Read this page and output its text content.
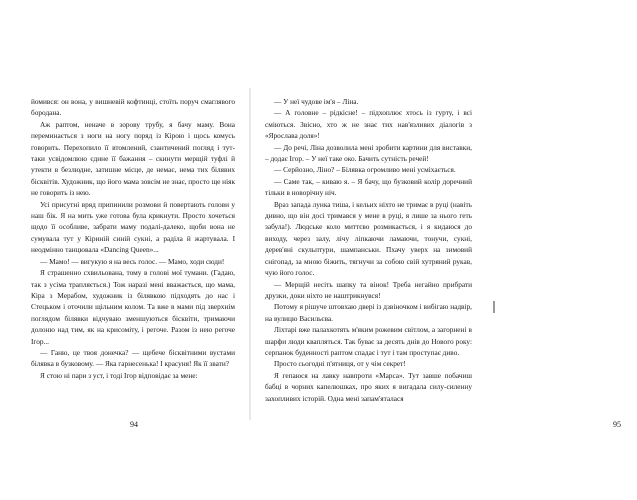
йомився: он вона, у вишневій кофтинці, стоїть поруч смаглявого бородана.

Аж раптом, неначе в зорову трубу, я бачу маму. Вона переминається з ноги на ногу поряд із Кірою і щось комусь говорить. Перехопило її втомлений, сзантичений погляд і тут-таки усвідомлюю єдине її бажання – скинути мерщій туфлі й утекти в безлюдне, затишне місце, де немає, нема тих білявих бісквітів. Художник, що його мама зовсім не знає, просто ще ніяк не говорить із нею.

Усі присутні вряд припинили розмови й повертають голови у наш бік. Я на мить уже готова була крикнути. Просто хочеться щодо її особливе, забрати маму подалі-далеко, щоби вона не сумувала тут у Кіриній синій сукні, а раділа й жартувала. І неодмінно танцювала «Dancing Queen»...

— Мамо! — вигукую я на весь голос. — Мамо, ходи сюди!

Я страшенно схвильована, тому в голові мої тумани. (Гадаю, так з усіма трапляється.) Тож наразі мені вважається, що мама, Кіра з Мерабом, художник із білявкою підходять до нас і Стецьком і оточили щільним колом. Та вже в мами під зверхнім поглядом білявки відчуваю зменшуються бісквіти, тримаючи долоню над тим, як на крисоміту, і регоче. Разом із нею регоче Ігор...

— Ганю, це твоя донечка? — щебече бісквітними вустами білявка в бузковому. — Яка гарнесенька! І красуня! Як її звати?

Я стою ні пари з уст, і тоді Ігор відповідає за мене:

94	95

— У неї чудове ім'я – Ліна.

— А головне – рідкісне! – підхоплює хтось із гурту, і всі сміються. Звісно, хто ж не знає тих нав'язливих діалогів з «Ярослава доля»!

— До речі, Ліна дозволила мені зробити картини для виставки, – додає Ігор. – У неї таке око. Бачить сутність речей!

— Серйозно, Ліно? – Білявка огромливо мені усміхається.

— Саме так, – киваю я. – Я бачу, що бузковий колір доречний тільки в новорічну ніч.

Враз запада лунка тиша, і кельих ніхто не тримає в руці (навіть дивно, що він досі тримався у мене в руці, я лише за нього геть забула!). Людське коло миттєво розмикається, і я кидаюся до виходу, через залу, лічу ліпкаючи ламаючи, тонучи, сукні, дерев'яні скульптури, шампанськи. Пхачу уверх на зимовий снігопад, за мною біжить, тягнучи за собою свій хутряний рукав, чую його голос.

— Мерщій несіть шапку та вінок! Треба негайно прибрати друзки, доки ніхто не наштрикнувся!

Потому я рішуче штовхаю двері із дзвіночком і вибігаю надвір, на вулицю Васильєва.

Ліхтарі вже палахкотять м'яким рожевим світлом, а загорнені в шарфи люди квапляться. Так буває за десять днів до Нового року: серпанок буденності раптом спадає і тут і там проступає диво.

Просто сьогодні п'ятниця, от у чім секрет!

Я гепаюся на лавку навпроти «Марса». Тут завше побачиш бабці в чорних капелюшках, про яких я вигадала силу-силенну захопливих історій. Одна мені запам'яталася
